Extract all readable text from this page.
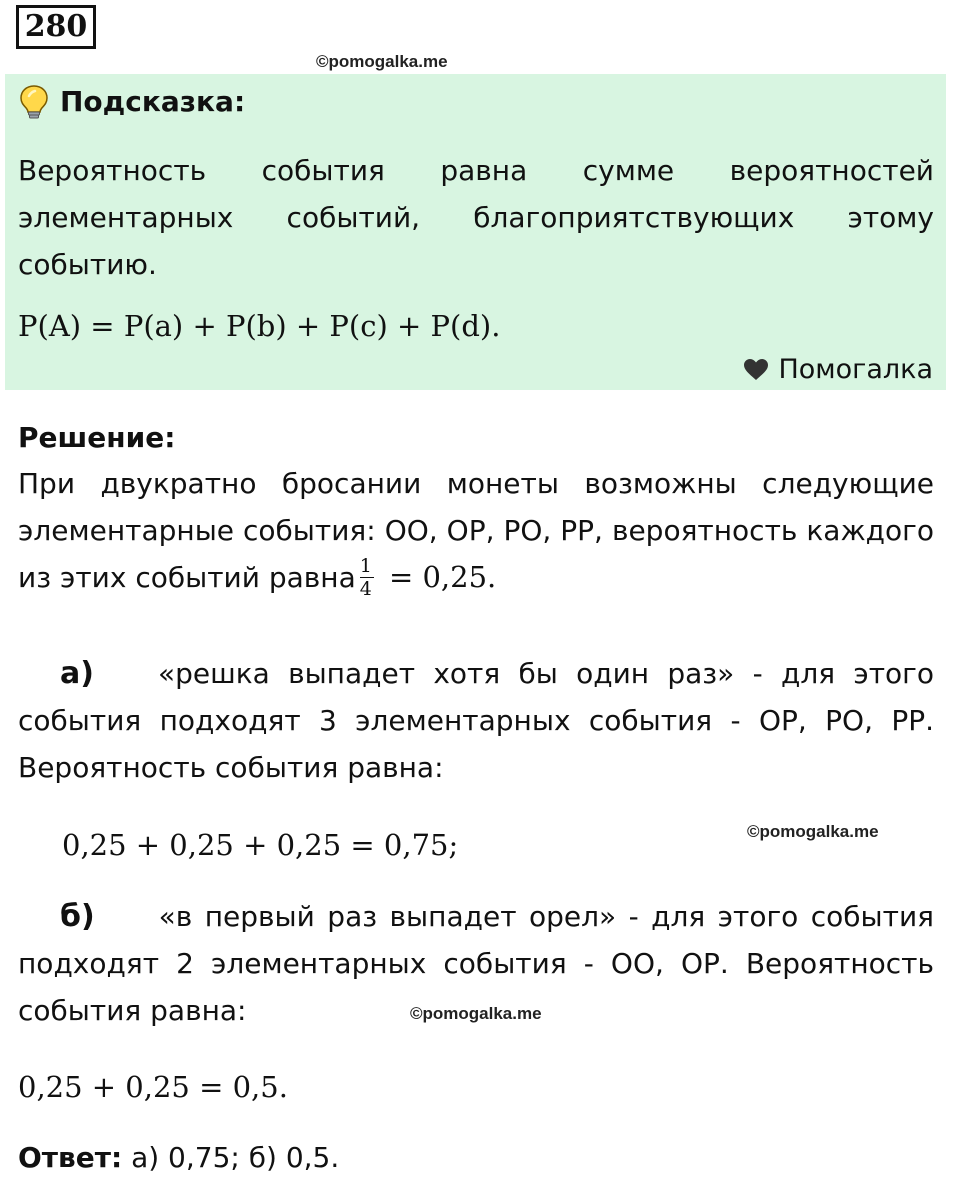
280
©pomogalka.me
Подсказка:
Вероятность события равна сумме вероятностей элементарных событий, благоприятствующих этому событию.
P(A) = P(a) + P(b) + P(c) + P(d).
Помогалка
Решение:
При двукратно бросании монеты возможны следующие элементарные события: ОО, ОР, РО, РР, вероятность каждого из этих событий равна $\frac{1}{4} = 0,25$.
а) «решка выпадет хотя бы один раз» - для этого события подходят 3 элементарных события - ОР, РО, РР. Вероятность события равна:
0,25 + 0,25 + 0,25 = 0,75;	©pomogalka.me
б) «в первый раз выпадет орел» - для этого события подходят 2 элементарных события - ОО, ОР. Вероятность события равна:	©pomogalka.me
0,25 + 0,25 = 0,5.
Ответ: а) 0,75; б) 0,5.
